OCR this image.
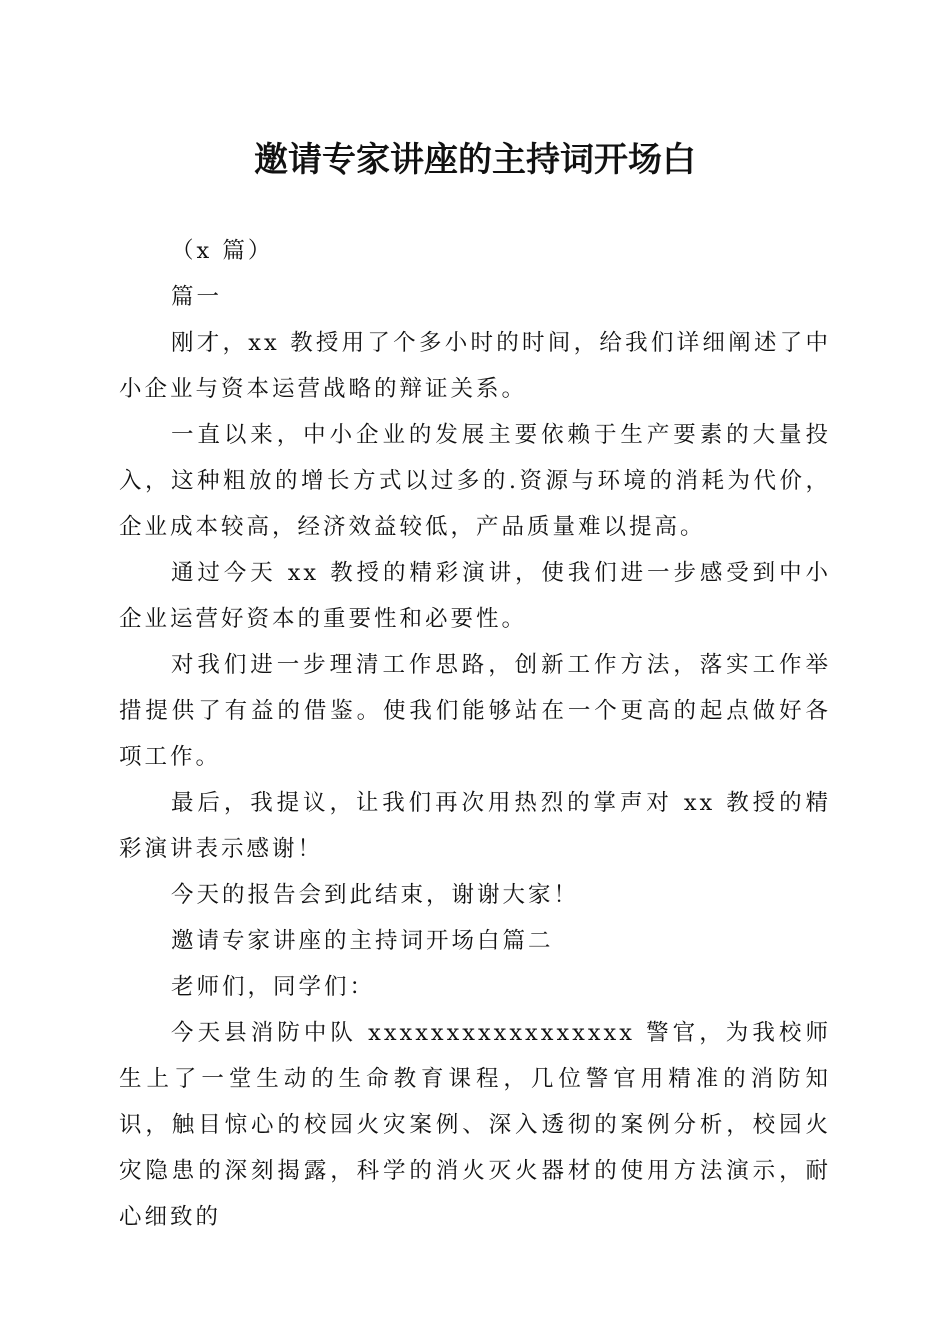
邀请专家讲座的主持词开场白

（x 篇）

篇一

刚才，xx 教授用了个多小时的时间，给我们详细阐述了中小企业与资本运营战略的辩证关系。

一直以来，中小企业的发展主要依赖于生产要素的大量投入，这种粗放的增长方式以过多的.资源与环境的消耗为代价，企业成本较高，经济效益较低，产品质量难以提高。

通过今天 xx 教授的精彩演讲，使我们进一步感受到中小企业运营好资本的重要性和必要性。

对我们进一步理清工作思路，创新工作方法，落实工作举措提供了有益的借鉴。使我们能够站在一个更高的起点做好各项工作。

最后，我提议，让我们再次用热烈的掌声对 xx 教授的精彩演讲表示感谢！

今天的报告会到此结束，谢谢大家！

邀请专家讲座的主持词开场白篇二

老师们，同学们：

今天县消防中队 xxxxxxxxxxxxxxxxx 警官，为我校师生上了一堂生动的生命教育课程，几位警官用精准的消防知识，触目惊心的校园火灾案例、深入透彻的案例分析，校园火灾隐患的深刻揭露，科学的消火灭火器材的使用方法演示，耐心细致的
